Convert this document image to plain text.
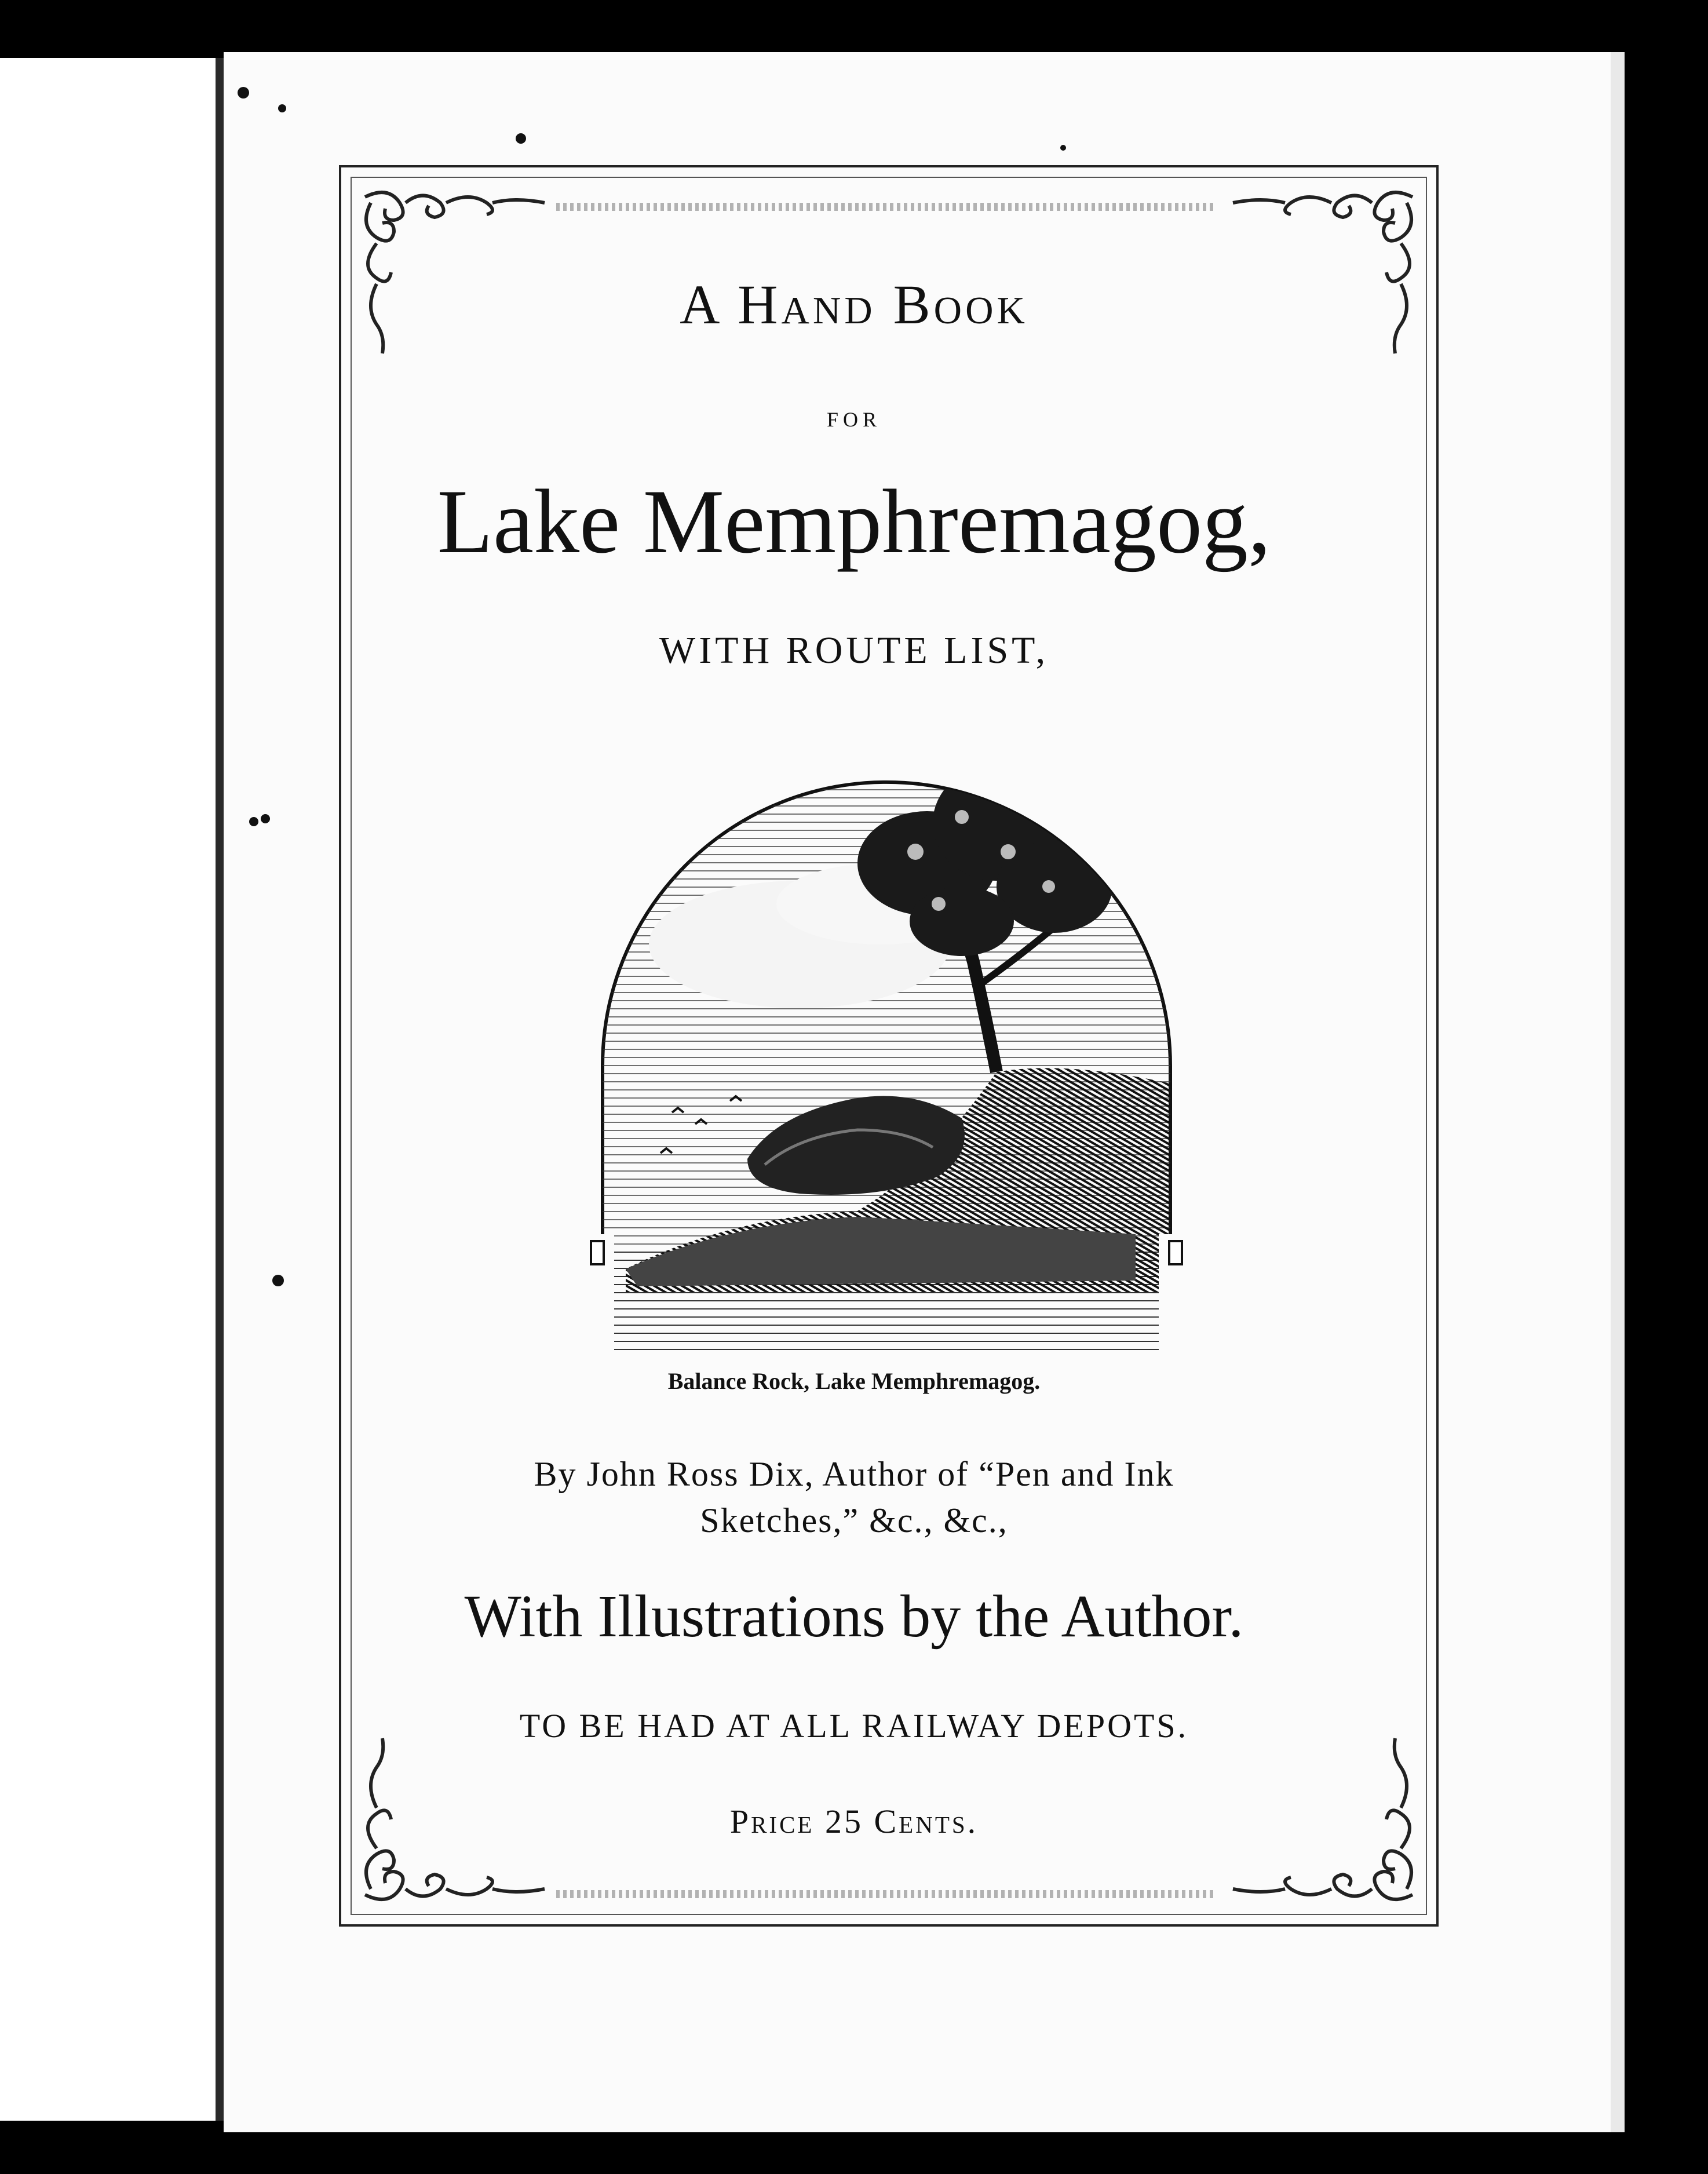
A Hand Book
for
Lake Memphremagog,
WITH ROUTE LIST,
Balance Rock, Lake Memphremagog.
By John Ross Dix, Author of “Pen and Ink
Sketches,” &c., &c.,
With Illustrations by the Author.
TO BE HAD AT ALL RAILWAY DEPOTS.
Price 25 Cents.
